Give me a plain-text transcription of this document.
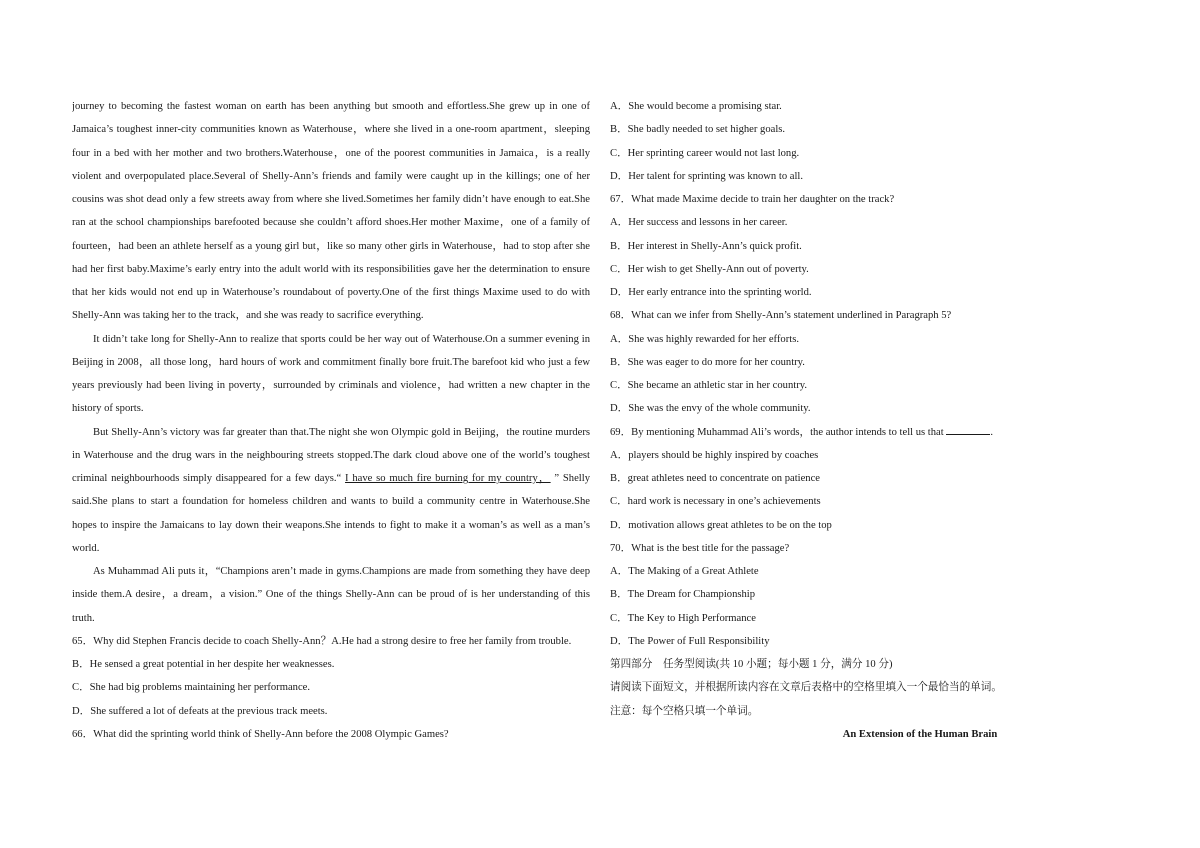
journey to becoming the fastest woman on earth has been anything but smooth and effortless.She grew up in one of
Jamaica’s toughest inner-city communities known as Waterhouse，where she lived in a one-room apartment，sleeping
four in a bed with her mother and two brothers.Waterhouse，one of the poorest communities in Jamaica，is a really
violent and overpopulated place.Several of Shelly-Ann’s friends and family were caught up in the killings; one of her
cousins was shot dead only a few streets away from where she lived.Sometimes her family didn’t have enough to eat.She
ran at the school championships barefooted because she couldn’t afford shoes.Her mother Maxime，one of a family of
fourteen，had been an athlete herself as a young girl but，like so many other girls in Waterhouse，had to stop after she
had her first baby.Maxime’s early entry into the adult world with its responsibilities gave her the determination to ensure
that her kids would not end up in Waterhouse’s roundabout of poverty.One of the first things Maxime used to do with
Shelly-Ann was taking her to the track，and she was ready to sacrifice everything.
It didn’t take long for Shelly-Ann to realize that sports could be her way out of Waterhouse.On a summer evening in
Beijing in 2008，all those long，hard hours of work and commitment finally bore fruit.The barefoot kid who just a few
years previously had been living in poverty，surrounded by criminals and violence，had written a new chapter in the
history of sports.
But Shelly-Ann’s victory was far greater than that.The night she won Olympic gold in Beijing，the routine murders
in Waterhouse and the drug wars in the neighbouring streets stopped.The dark cloud above one of the world’s toughest
criminal neighbourhoods simply disappeared for a few days.“ I have so much fire burning for my country， ” Shelly
said.She plans to start a foundation for homeless children and wants to build a community centre in Waterhouse.She
hopes to inspire the Jamaicans to lay down their weapons.She intends to fight to make it a woman’s as well as a man’s
world.
As Muhammad Ali puts it，“Champions aren’t made in gyms.Champions are made from something they have deep
inside them.A desire，a dream，a vision.” One of the things Shelly-Ann can be proud of is her understanding of this
truth.
65．Why did Stephen Francis decide to coach Shelly-Ann？A.He had a strong desire to free her family from trouble.
B．He sensed a great potential in her despite her weaknesses.
C．She had big problems maintaining her performance.
D．She suffered a lot of defeats at the previous track meets.
66．What did the sprinting world think of Shelly-Ann before the 2008 Olympic Games?
A．She would become a promising star.
B．She badly needed to set higher goals.
C．Her sprinting career would not last long.
D．Her talent for sprinting was known to all.
67．What made Maxime decide to train her daughter on the track?
A．Her success and lessons in her career.
B．Her interest in Shelly-Ann’s quick profit.
C．Her wish to get Shelly-Ann out of poverty.
D．Her early entrance into the sprinting world.
68．What can we infer from Shelly-Ann’s statement underlined in Paragraph 5?
A．She was highly rewarded for her efforts.
B．She was eager to do more for her country.
C．She became an athletic star in her country.
D．She was the envy of the whole community.
69．By mentioning Muhammad Ali’s words，the author intends to tell us that	.
A．players should be highly inspired by coaches
B．great athletes need to concentrate on patience
C．hard work is necessary in one’s achievements
D．motivation allows great athletes to be on the top
70．What is the best title for the passage?
A．The Making of a Great Athlete
B．The Dream for Championship
C．The Key to High Performance
D．The Power of Full Responsibility
第四部分　任务型阅读(共 10 小题；每小题 1 分，满分 10 分)
请阅读下面短文，并根据所读内容在文章后表格中的空格里填入一个最恰当的单词。
注意：每个空格只填一个单词。
An Extension of the Human Brain
